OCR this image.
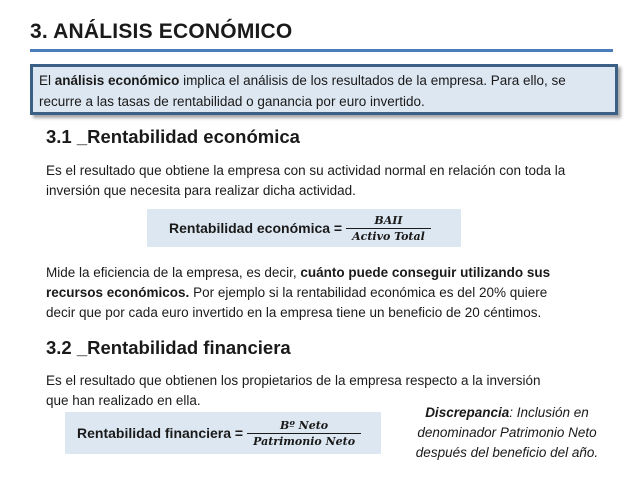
3. ANÁLISIS ECONÓMICO
El análisis económico implica el análisis de los resultados de la empresa. Para ello, se
recurre a las tasas de rentabilidad o ganancia por euro invertido.
3.1 _Rentabilidad económica
Es el resultado que obtiene la empresa con su actividad normal en relación con toda la
inversión que necesita para realizar dicha actividad.
Rentabilidad económica = $\frac{\text{BAII}}{\text{Activo Total}}$
Mide la eficiencia de la empresa, es decir, cuánto puede conseguir utilizando sus
recursos económicos. Por ejemplo si la rentabilidad económica es del 20% quiere
decir que por cada euro invertido en la empresa tiene un beneficio de 20 céntimos.
3.2 _Rentabilidad financiera
Es el resultado que obtienen los propietarios de la empresa respecto a la inversión
que han realizado en ella.
Rentabilidad financiera = $\frac{\text{Bº Neto}}{\text{Patrimonio Neto}}$
Discrepancia: Inclusión en
denominador Patrimonio Neto
después del beneficio del año.
